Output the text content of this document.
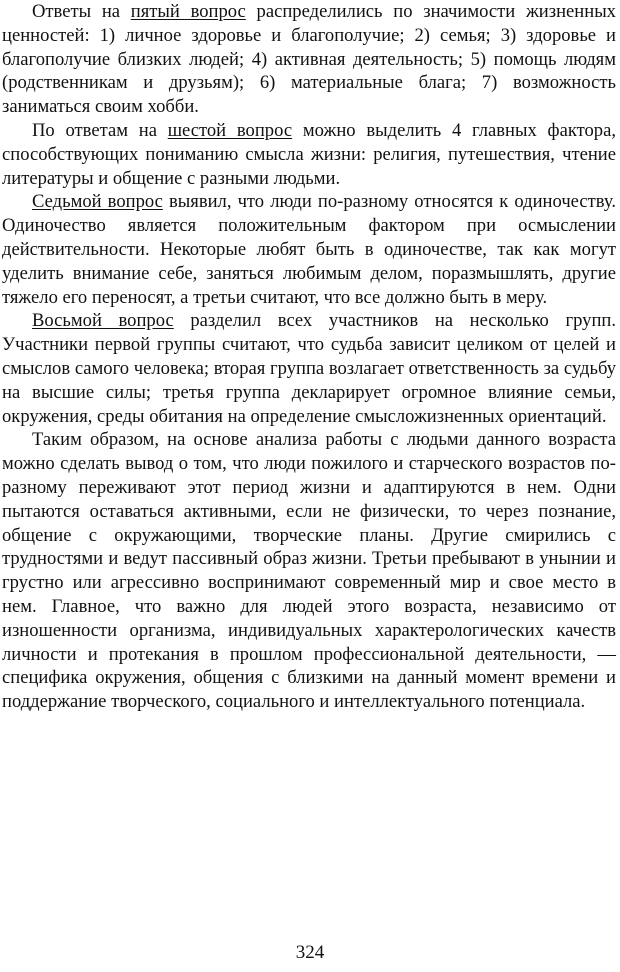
Ответы на пятый вопрос распределились по значимости жизненных ценностей: 1) личное здоровье и благополучие; 2) семья; 3) здоровье и благополучие близких людей; 4) активная деятельность; 5) помощь людям (родственникам и друзьям); 6) материальные блага; 7) возможность заниматься своим хобби.

По ответам на шестой вопрос можно выделить 4 главных фактора, способствующих пониманию смысла жизни: религия, путешествия, чтение литературы и общение с разными людьми.

Седьмой вопрос выявил, что люди по-разному относятся к одиночеству. Одиночество является положительным фактором при осмыслении действительности. Некоторые любят быть в одиночестве, так как могут уделить внимание себе, заняться любимым делом, поразмышлять, другие тяжело его переносят, а третьи считают, что все должно быть в меру.

Восьмой вопрос разделил всех участников на несколько групп. Участники первой группы считают, что судьба зависит целиком от целей и смыслов самого человека; вторая группа возлагает ответственность за судьбу на высшие силы; третья группа декларирует огромное влияние семьи, окружения, среды обитания на определение смысложизненных ориентаций.

Таким образом, на основе анализа работы с людьми данного возраста можно сделать вывод о том, что люди пожилого и старческого возрастов по-разному переживают этот период жизни и адаптируются в нем. Одни пытаются оставаться активными, если не физически, то через познание, общение с окружающими, творческие планы. Другие смирились с трудностями и ведут пассивный образ жизни. Третьи пребывают в унынии и грустно или агрессивно воспринимают современный мир и свое место в нем. Главное, что важно для людей этого возраста, независимо от изношенности организма, индивидуальных характерологических качеств личности и протекания в прошлом профессиональной деятельности, — специфика окружения, общения с близкими на данный момент времени и поддержание творческого, социального и интеллектуального потенциала.

324
